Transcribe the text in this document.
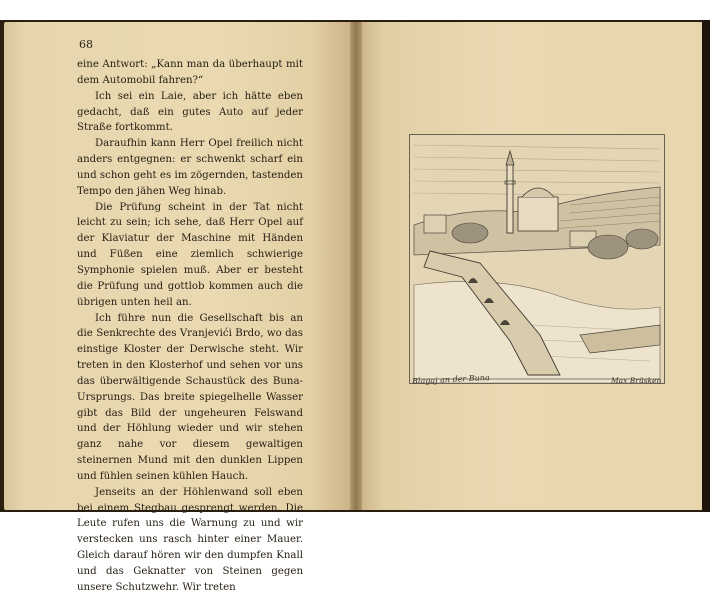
68

eine Antwort: „Kann man da überhaupt mit dem Automobil fahren?“

Ich sei ein Laie, aber ich hätte eben gedacht, daß ein gutes Auto auf jeder Straße fortkommt.

Daraufhin kann Herr Opel freilich nicht anders entgegnen: er schwenkt scharf ein und schon geht es im zögernden, tastenden Tempo den jähen Weg hinab.

Die Prüfung scheint in der Tat nicht leicht zu sein; ich sehe, daß Herr Opel auf der Klaviatur der Maschine mit Händen und Füßen eine ziemlich schwierige Symphonie spielen muß. Aber er besteht die Prüfung und gottlob kommen auch die übrigen unten heil an.

Ich führe nun die Gesellschaft bis an die Senkrechte des Vranjevići Brdo, wo das einstige Kloster der Derwische steht. Wir treten in den Klosterhof und sehen vor uns das überwältigende Schaustück des Buna-Ursprungs. Das breite spiegelhelle Wasser gibt das Bild der ungeheuren Felswand und der Höhlung wieder und wir stehen ganz nahe vor diesem gewaltigen steinernen Mund mit den dunklen Lippen und fühlen seinen kühlen Hauch.

Jenseits an der Höhlenwand soll eben bei einem Stegbau gesprengt werden. Die Leute rufen uns die Warnung zu und wir verstecken uns rasch hinter einer Mauer. Gleich darauf hören wir den dumpfen Knall und das Geknatter von Steinen gegen unsere Schutzwehr. Wir treten

Blagaj an der Buna	Max Brüsken
